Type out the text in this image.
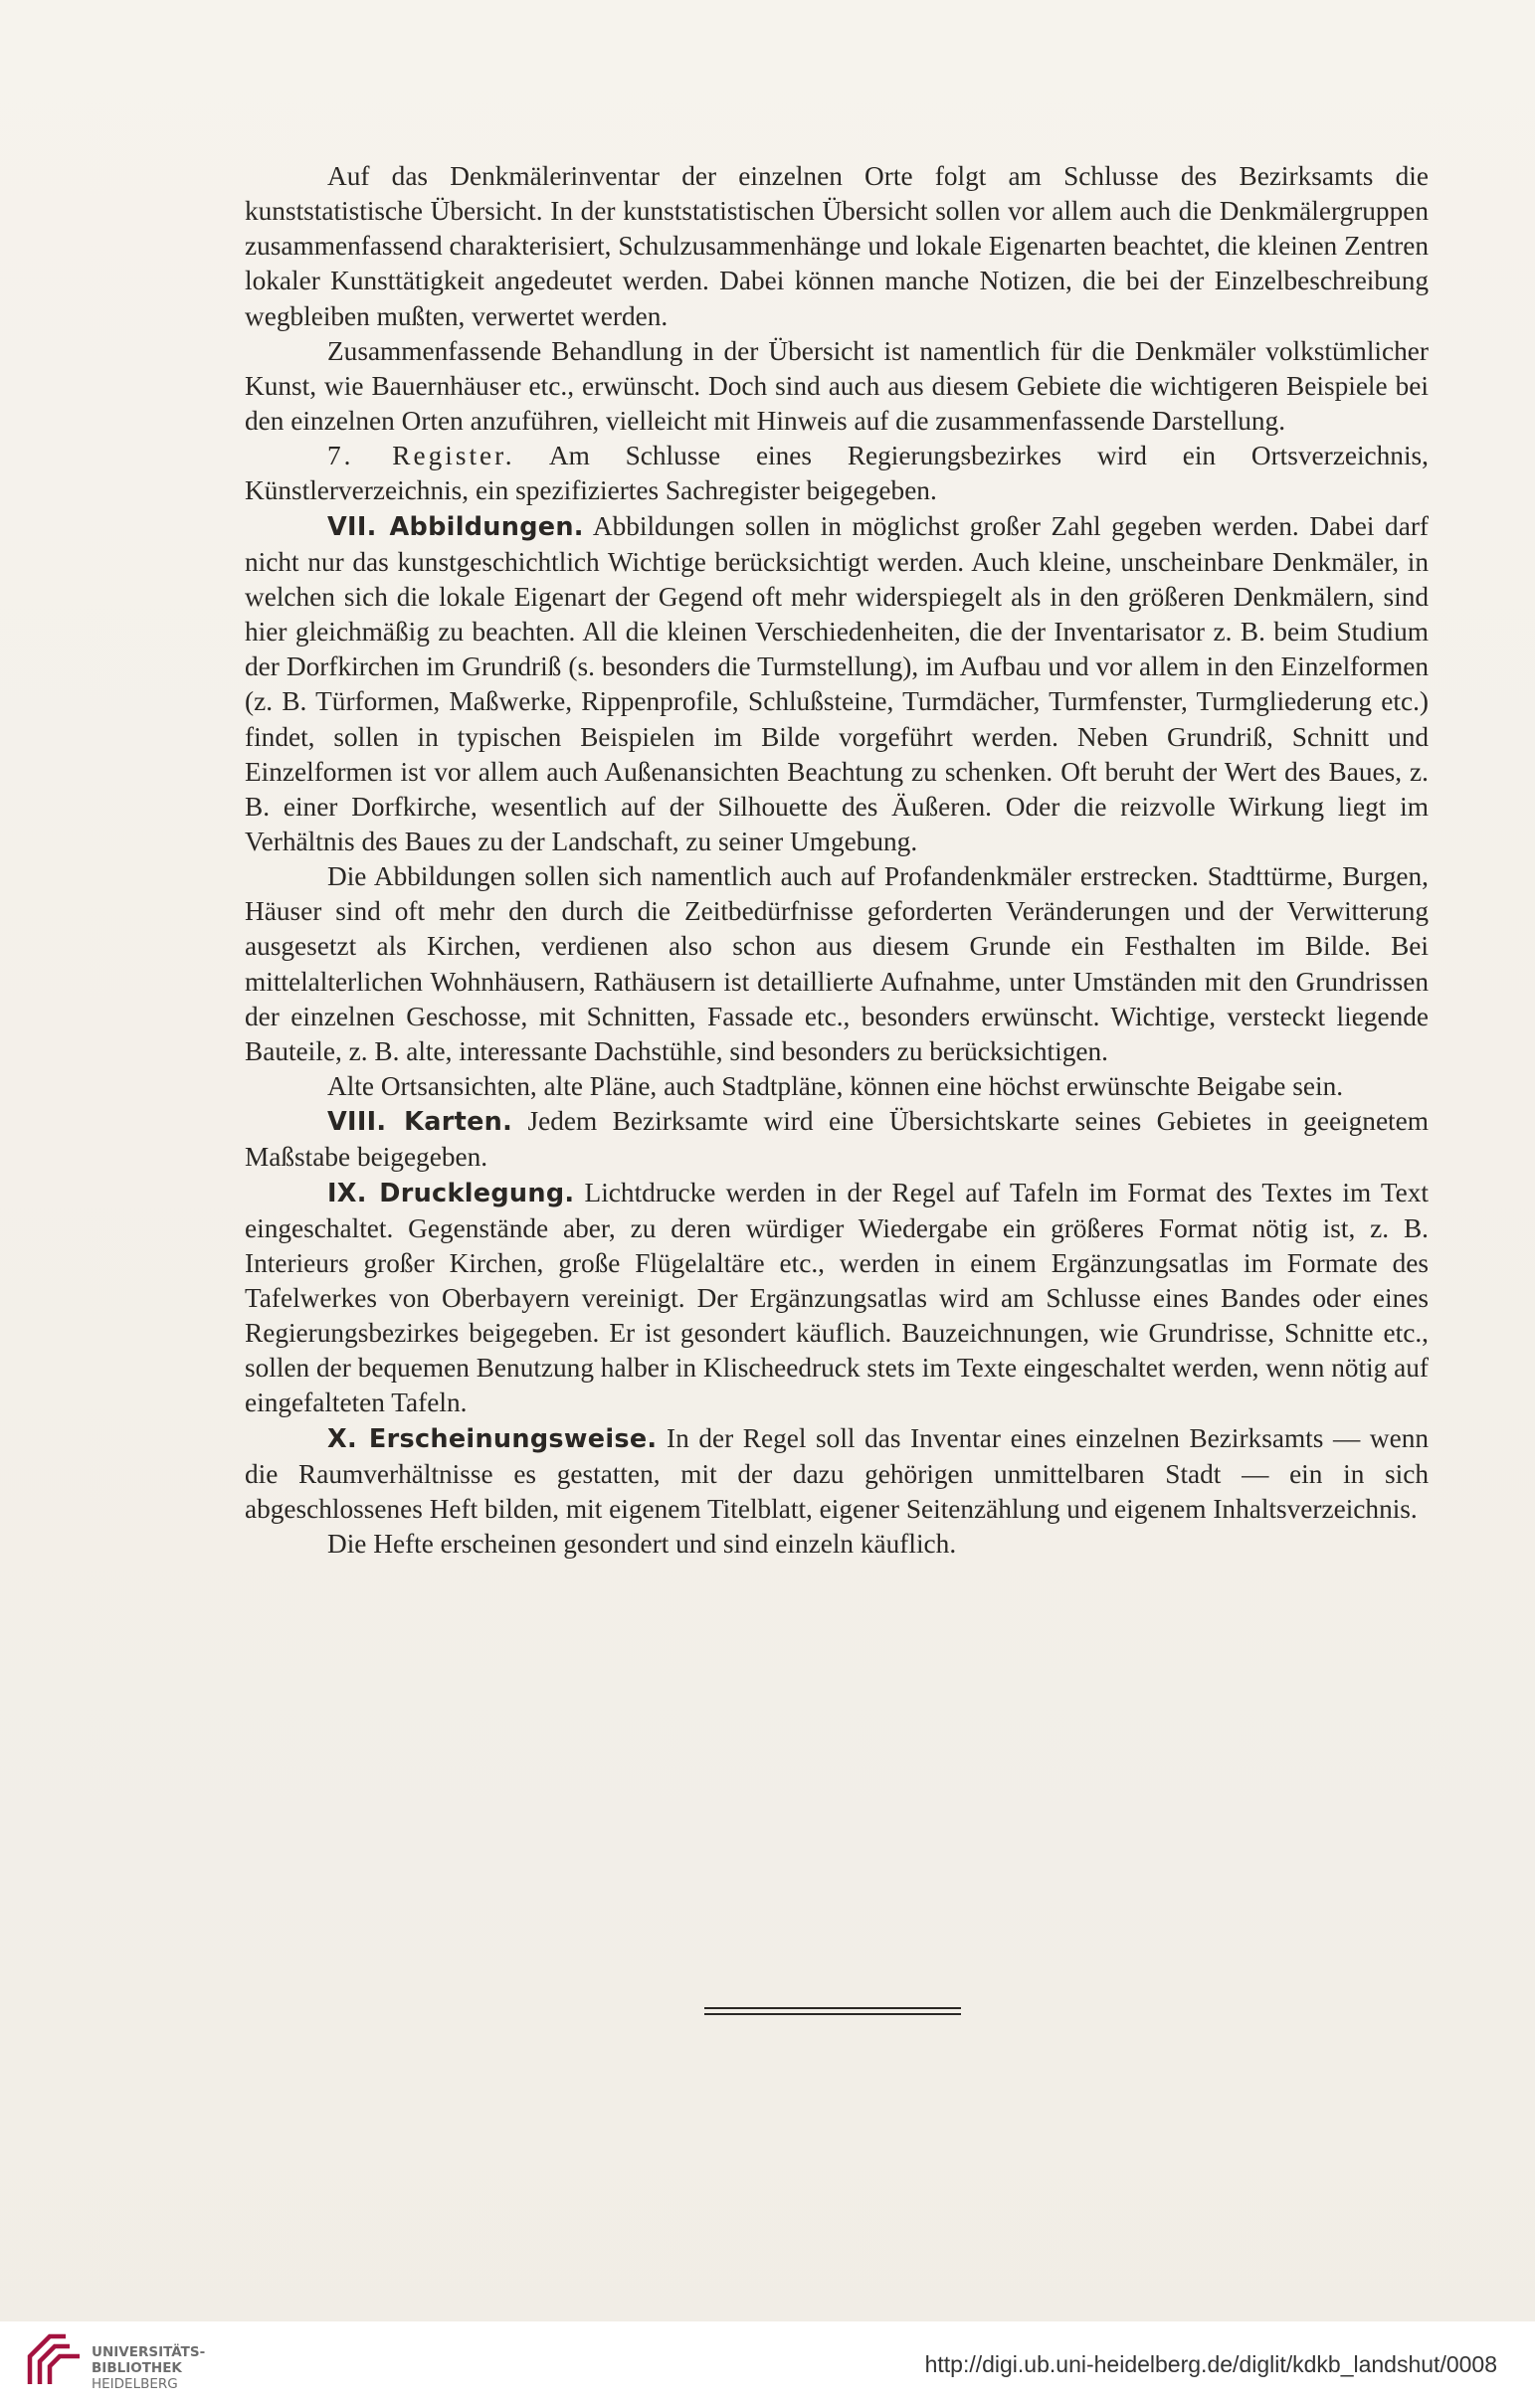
Auf das Denkmälerinventar der einzelnen Orte folgt am Schlusse des Bezirksamts die kunststatistische Übersicht. In der kunststatistischen Übersicht sollen vor allem auch die Denkmälergruppen zusammenfassend charakterisiert, Schulzusammenhänge und lokale Eigenarten beachtet, die kleinen Zentren lokaler Kunsttätigkeit angedeutet werden. Dabei können manche Notizen, die bei der Einzelbeschreibung wegbleiben mußten, verwertet werden.

Zusammenfassende Behandlung in der Übersicht ist namentlich für die Denkmäler volkstümlicher Kunst, wie Bauernhäuser etc., erwünscht. Doch sind auch aus diesem Gebiete die wichtigeren Beispiele bei den einzelnen Orten anzuführen, vielleicht mit Hinweis auf die zusammenfassende Darstellung.

7. Register. Am Schlusse eines Regierungsbezirkes wird ein Ortsverzeichnis, Künstlerverzeichnis, ein spezifiziertes Sachregister beigegeben.

VII. Abbildungen. Abbildungen sollen in möglichst großer Zahl gegeben werden. Dabei darf nicht nur das kunstgeschichtlich Wichtige berücksichtigt werden. Auch kleine, unscheinbare Denkmäler, in welchen sich die lokale Eigenart der Gegend oft mehr widerspiegelt als in den größeren Denkmälern, sind hier gleichmäßig zu beachten. All die kleinen Verschiedenheiten, die der Inventarisator z. B. beim Studium der Dorfkirchen im Grundriß (s. besonders die Turmstellung), im Aufbau und vor allem in den Einzelformen (z. B. Türformen, Maßwerke, Rippenprofile, Schlußsteine, Turmdächer, Turmfenster, Turmgliederung etc.) findet, sollen in typischen Beispielen im Bilde vorgeführt werden. Neben Grundriß, Schnitt und Einzelformen ist vor allem auch Außenansichten Beachtung zu schenken. Oft beruht der Wert des Baues, z. B. einer Dorfkirche, wesentlich auf der Silhouette des Äußeren. Oder die reizvolle Wirkung liegt im Verhältnis des Baues zu der Landschaft, zu seiner Umgebung.

Die Abbildungen sollen sich namentlich auch auf Profandenkmäler erstrecken. Stadttürme, Burgen, Häuser sind oft mehr den durch die Zeitbedürfnisse geforderten Veränderungen und der Verwitterung ausgesetzt als Kirchen, verdienen also schon aus diesem Grunde ein Festhalten im Bilde. Bei mittelalterlichen Wohnhäusern, Rathäusern ist detaillierte Aufnahme, unter Umständen mit den Grundrissen der einzelnen Geschosse, mit Schnitten, Fassade etc., besonders erwünscht. Wichtige, versteckt liegende Bauteile, z. B. alte, interessante Dachstühle, sind besonders zu berücksichtigen.

Alte Ortsansichten, alte Pläne, auch Stadtpläne, können eine höchst erwünschte Beigabe sein.

VIII. Karten. Jedem Bezirksamte wird eine Übersichtskarte seines Gebietes in geeignetem Maßstabe beigegeben.

IX. Drucklegung. Lichtdrucke werden in der Regel auf Tafeln im Format des Textes im Text eingeschaltet. Gegenstände aber, zu deren würdiger Wiedergabe ein größeres Format nötig ist, z. B. Interieurs großer Kirchen, große Flügelaltäre etc., werden in einem Ergänzungsatlas im Formate des Tafelwerkes von Oberbayern vereinigt. Der Ergänzungsatlas wird am Schlusse eines Bandes oder eines Regierungsbezirkes beigegeben. Er ist gesondert käuflich. Bauzeichnungen, wie Grundrisse, Schnitte etc., sollen der bequemen Benutzung halber in Klischeedruck stets im Texte eingeschaltet werden, wenn nötig auf eingefalteten Tafeln.

X. Erscheinungsweise. In der Regel soll das Inventar eines einzelnen Bezirksamts — wenn die Raumverhältnisse es gestatten, mit der dazu gehörigen unmittelbaren Stadt — ein in sich abgeschlossenes Heft bilden, mit eigenem Titelblatt, eigener Seitenzählung und eigenem Inhaltsverzeichnis.

Die Hefte erscheinen gesondert und sind einzeln käuflich.

UNIVERSITÄTS-
BIBLIOTHEK
HEIDELBERG
http://digi.ub.uni-heidelberg.de/diglit/kdkb_landshut/0008
